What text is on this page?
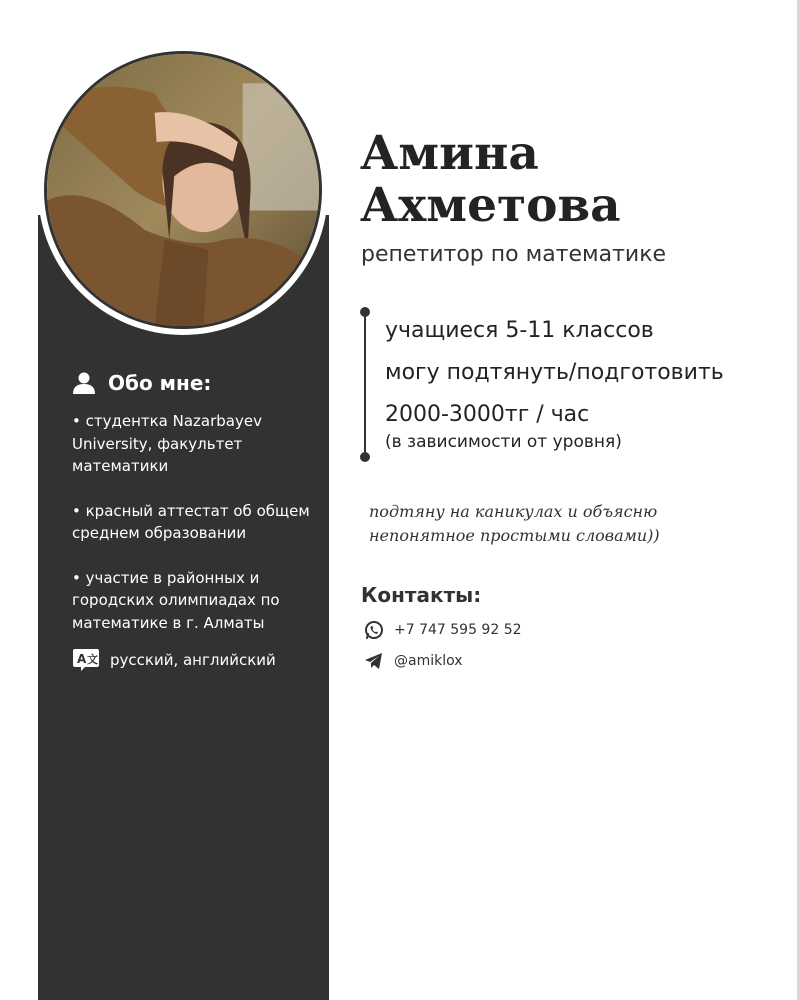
Обо мне:

• студентка Nazarbayev University, факультет математики

• красный аттестат об общем среднем образовании

• участие в районных и городских олимпиадах по математике в г. Алматы

A 文 русский, английский
Амина
Ахметова
репетитор по математике
учащиеся 5-11 классов
могу подтянуть/подготовить
2000-3000тг / час
(в зависимости от уровня)
подтяну на каникулах и объясню непонятное простыми словами))
Контакты:
+7 747 595 92 52
@amiklox
